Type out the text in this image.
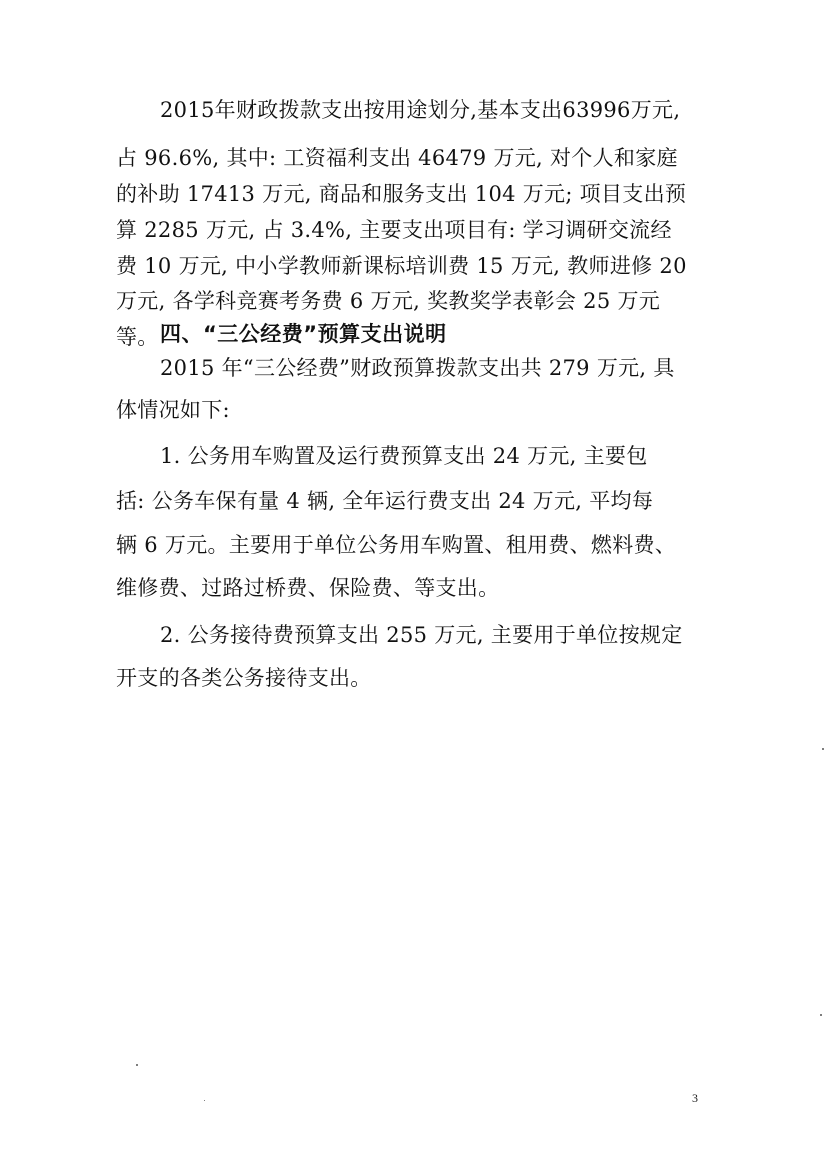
2015年财政拨款支出按用途划分,基本支出63996万元,
占 96.6%, 其中: 工资福利支出 46479 万元, 对个人和家庭
的补助 17413 万元, 商品和服务支出 104 万元; 项目支出预
算 2285 万元, 占 3.4%, 主要支出项目有: 学习调研交流经
费 10 万元, 中小学教师新课标培训费 15 万元, 教师进修 20
万元, 各学科竞赛考务费 6 万元, 奖教奖学表彰会 25 万元
等。 四、“三公经费”预算支出说明
2015 年“三公经费”财政预算拨款支出共 279 万元, 具
体情况如下:
1. 公务用车购置及运行费预算支出 24 万元, 主要包
括: 公务车保有量 4 辆, 全年运行费支出 24 万元, 平均每
辆 6 万元。主要用于单位公务用车购置、租用费、燃料费、
维修费、过路过桥费、保险费、等支出。
2. 公务接待费预算支出 255 万元, 主要用于单位按规定
开支的各类公务接待支出。
3
